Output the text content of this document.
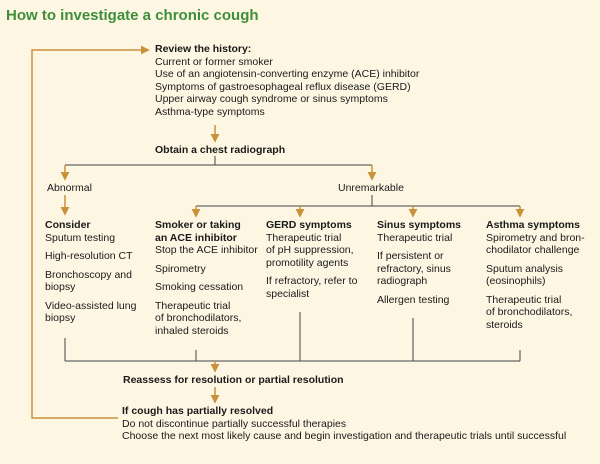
How to investigate a chronic cough
Review the history:
Current or former smoker
Use of an angiotensin-converting enzyme (ACE) inhibitor
Symptoms of gastroesophageal reflux disease (GERD)
Upper airway cough syndrome or sinus symptoms
Asthma-type symptoms
Obtain a chest radiograph
Abnormal	Unremarkable
Consider
Sputum testing
High-resolution CT
Bronchoscopy and
biopsy
Video-assisted lung
biopsy
Smoker or taking
an ACE inhibitor
Stop the ACE inhibitor
Spirometry
Smoking cessation
Therapeutic trial
of bronchodilators,
inhaled steroids
GERD symptoms
Therapeutic trial
of pH suppression,
promotility agents
If refractory, refer to
specialist
Sinus symptoms
Therapeutic trial
If persistent or
refractory, sinus
radiograph
Allergen testing
Asthma symptoms
Spirometry and bron-
chodilator challenge
Sputum analysis
(eosinophils)
Therapeutic trial
of bronchodilators,
steroids
Reassess for resolution or partial resolution
If cough has partially resolved
Do not discontinue partially successful therapies
Choose the next most likely cause and begin investigation and therapeutic trials until successful
